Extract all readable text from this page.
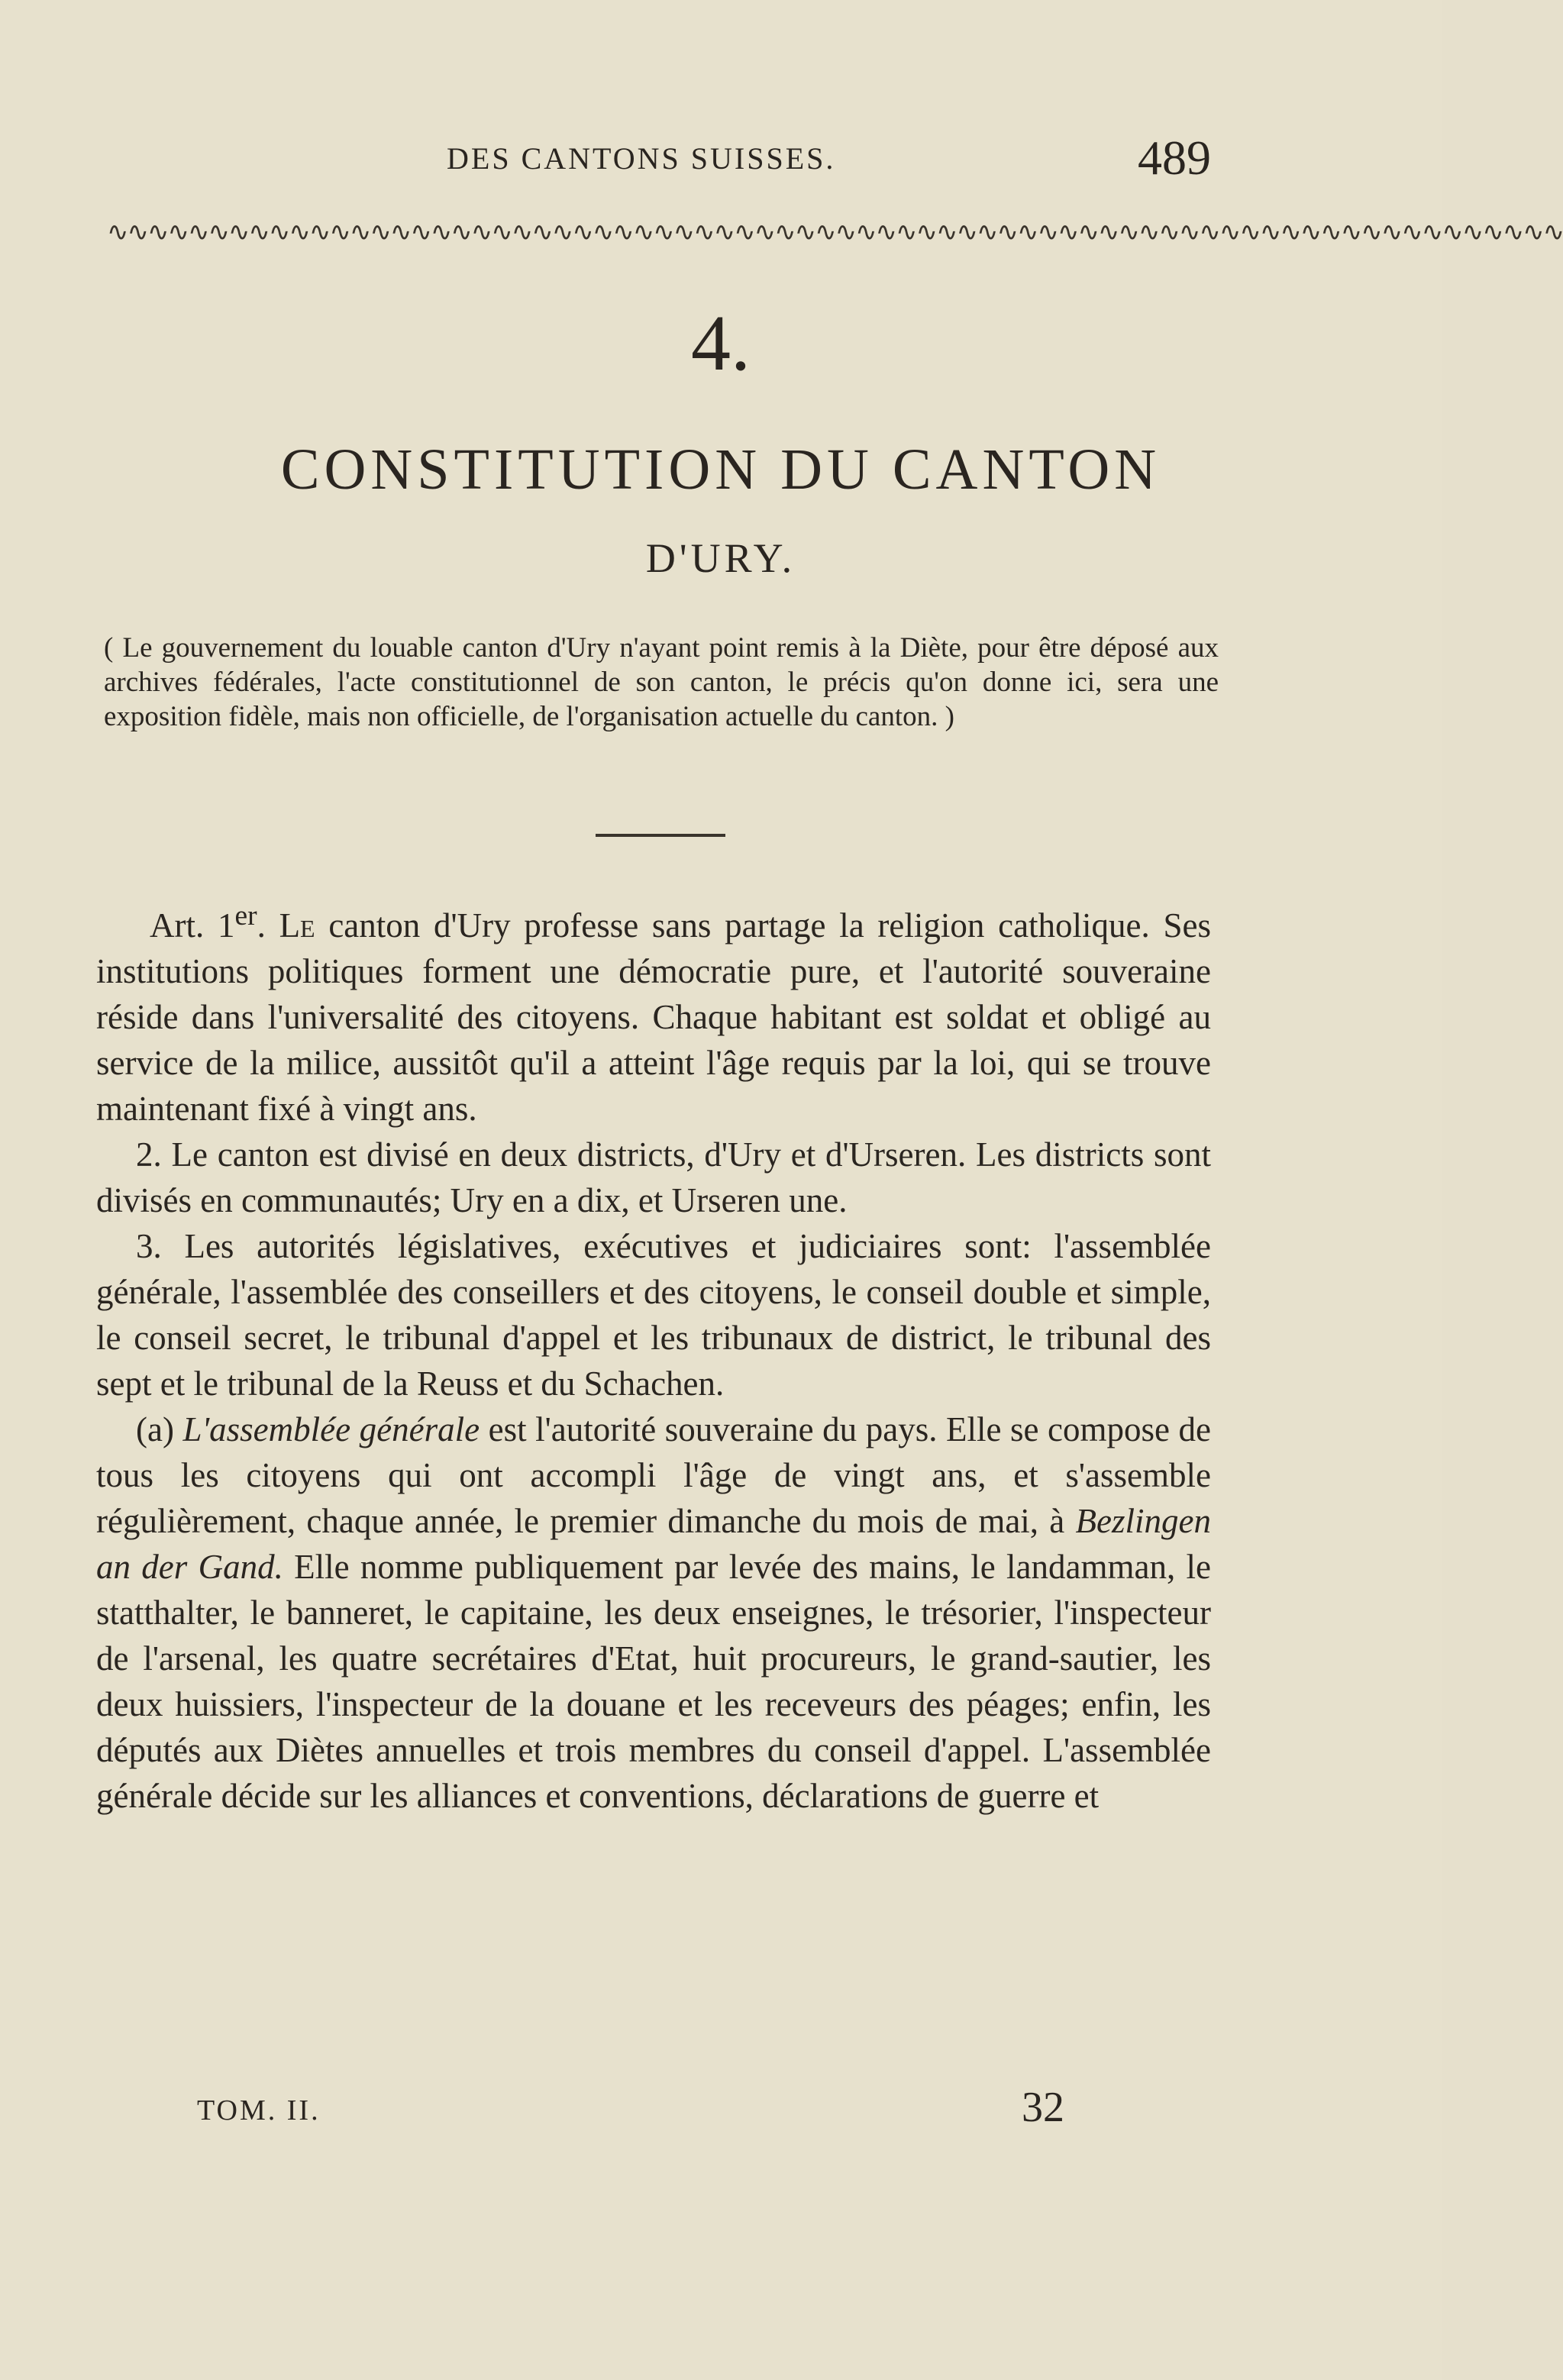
DES CANTONS SUISSES.	489
∿∿∿∿∿∿∿∿∿∿∿∿∿∿∿∿∿∿∿∿∿∿∿∿∿∿∿∿∿∿∿∿∿∿∿∿∿∿∿∿∿∿∿∿∿∿∿∿∿∿∿∿∿∿∿∿∿∿∿∿∿∿∿∿∿∿∿∿∿∿∿∿
4.
CONSTITUTION DU CANTON
D'URY.
( Le gouvernement du louable canton d'Ury n'ayant point remis à la Diète, pour être déposé aux archives fédérales, l'acte constitutionnel de son canton, le précis qu'on donne ici, sera une exposition fidèle, mais non officielle, de l'organisation actuelle du canton. )

Art. 1er. Le canton d'Ury professe sans partage la religion catholique. Ses institutions politiques forment une démocratie pure, et l'autorité souveraine réside dans l'universalité des citoyens. Chaque habitant est soldat et obligé au service de la milice, aussitôt qu'il a atteint l'âge requis par la loi, qui se trouve maintenant fixé à vingt ans.

2. Le canton est divisé en deux districts, d'Ury et d'Urseren. Les districts sont divisés en communautés; Ury en a dix, et Urseren une.

3. Les autorités législatives, exécutives et judiciaires sont: l'assemblée générale, l'assemblée des conseillers et des citoyens, le conseil double et simple, le conseil secret, le tribunal d'appel et les tribunaux de district, le tribunal des sept et le tribunal de la Reuss et du Schachen.

(a) L'assemblée générale est l'autorité souveraine du pays. Elle se compose de tous les citoyens qui ont accompli l'âge de vingt ans, et s'assemble régulièrement, chaque année, le premier dimanche du mois de mai, à Bezlingen an der Gand. Elle nomme publiquement par levée des mains, le landamman, le statthalter, le banneret, le capitaine, les deux enseignes, le trésorier, l'inspecteur de l'arsenal, les quatre secrétaires d'Etat, huit procureurs, le grand-sautier, les deux huissiers, l'inspecteur de la douane et les receveurs des péages; enfin, les députés aux Diètes annuelles et trois membres du conseil d'appel. L'assemblée générale décide sur les alliances et conventions, déclarations de guerre et

TOM. II.	32
